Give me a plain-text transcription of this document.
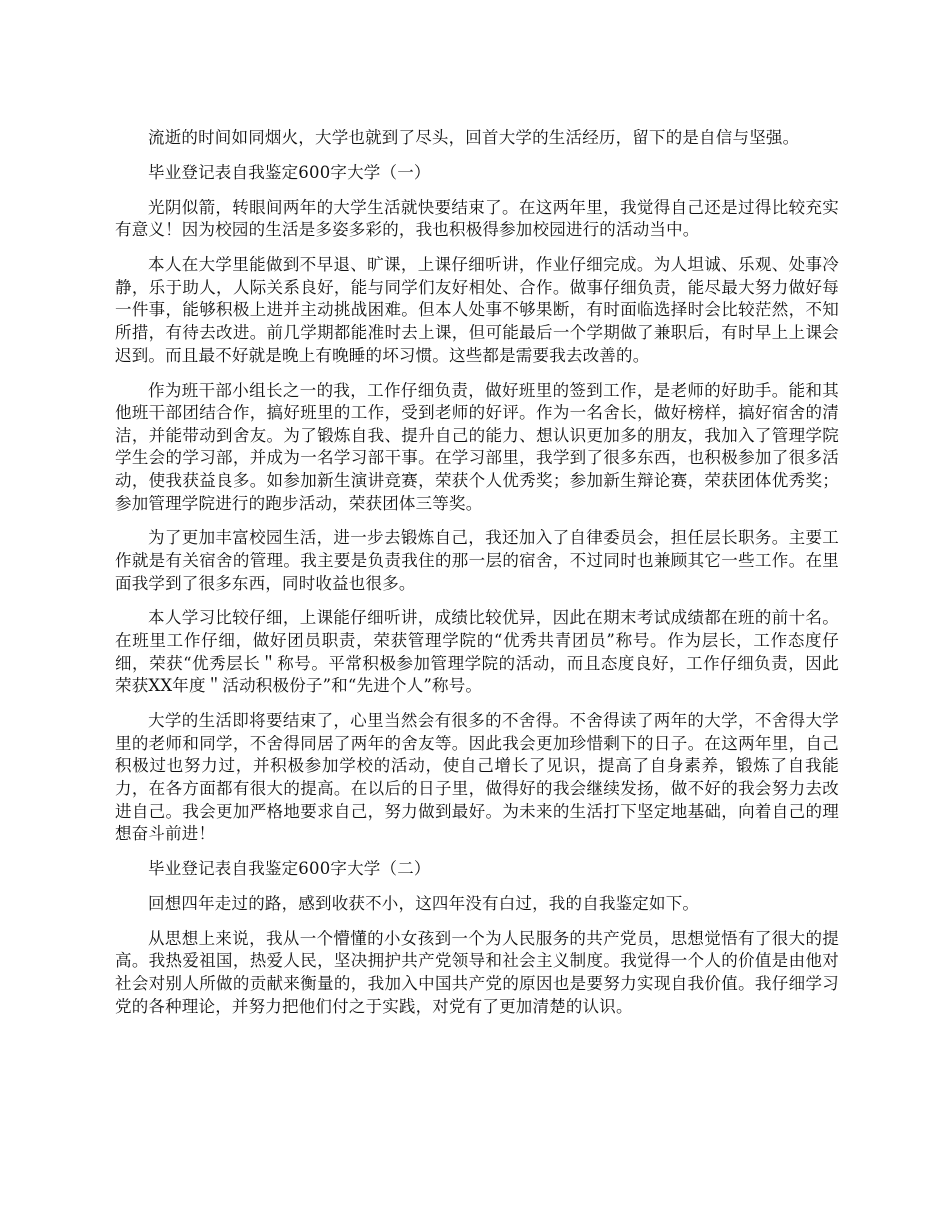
流逝的时间如同烟火，大学也就到了尽头，回首大学的生活经历，留下的是自信与坚强。

毕业登记表自我鉴定600字大学（一）

光阴似箭，转眼间两年的大学生活就快要结束了。在这两年里，我觉得自己还是过得比较充实有意义！因为校园的生活是多姿多彩的，我也积极得参加校园进行的活动当中。

本人在大学里能做到不早退、旷课，上课仔细听讲，作业仔细完成。为人坦诚、乐观、处事冷静，乐于助人，人际关系良好，能与同学们友好相处、合作。做事仔细负责，能尽最大努力做好每一件事，能够积极上进并主动挑战困难。但本人处事不够果断，有时面临选择时会比较茫然，不知所措，有待去改进。前几学期都能准时去上课，但可能最后一个学期做了兼职后，有时早上上课会迟到。而且最不好就是晚上有晚睡的坏习惯。这些都是需要我去改善的。

作为班干部小组长之一的我，工作仔细负责，做好班里的签到工作，是老师的好助手。能和其他班干部团结合作，搞好班里的工作，受到老师的好评。作为一名舍长，做好榜样，搞好宿舍的清洁，并能带动到舍友。为了锻炼自我、提升自己的能力、想认识更加多的朋友，我加入了管理学院学生会的学习部，并成为一名学习部干事。在学习部里，我学到了很多东西，也积极参加了很多活动，使我获益良多。如参加新生演讲竞赛，荣获个人优秀奖；参加新生辩论赛，荣获团体优秀奖；参加管理学院进行的跑步活动，荣获团体三等奖。

为了更加丰富校园生活，进一步去锻炼自己，我还加入了自律委员会，担任层长职务。主要工作就是有关宿舍的管理。我主要是负责我住的那一层的宿舍，不过同时也兼顾其它一些工作。在里面我学到了很多东西，同时收益也很多。

本人学习比较仔细，上课能仔细听讲，成绩比较优异，因此在期末考试成绩都在班的前十名。在班里工作仔细，做好团员职责，荣获管理学院的“优秀共青团员”称号。作为层长，工作态度仔细，荣获“优秀层长＂称号。平常积极参加管理学院的活动，而且态度良好，工作仔细负责，因此荣获XX年度＂活动积极份子”和“先进个人”称号。

大学的生活即将要结束了，心里当然会有很多的不舍得。不舍得读了两年的大学，不舍得大学里的老师和同学，不舍得同居了两年的舍友等。因此我会更加珍惜剩下的日子。在这两年里，自己积极过也努力过，并积极参加学校的活动，使自己增长了见识，提高了自身素养，锻炼了自我能力，在各方面都有很大的提高。在以后的日子里，做得好的我会继续发扬，做不好的我会努力去改进自己。我会更加严格地要求自己，努力做到最好。为未来的生活打下坚定地基础，向着自己的理想奋斗前进！

毕业登记表自我鉴定600字大学（二）

回想四年走过的路，感到收获不小，这四年没有白过，我的自我鉴定如下。

从思想上来说，我从一个懵懂的小女孩到一个为人民服务的共产党员，思想觉悟有了很大的提高。我热爱祖国，热爱人民，坚决拥护共产党领导和社会主义制度。我觉得一个人的价值是由他对社会对别人所做的贡献来衡量的，我加入中国共产党的原因也是要努力实现自我价值。我仔细学习党的各种理论，并努力把他们付之于实践，对党有了更加清楚的认识。
